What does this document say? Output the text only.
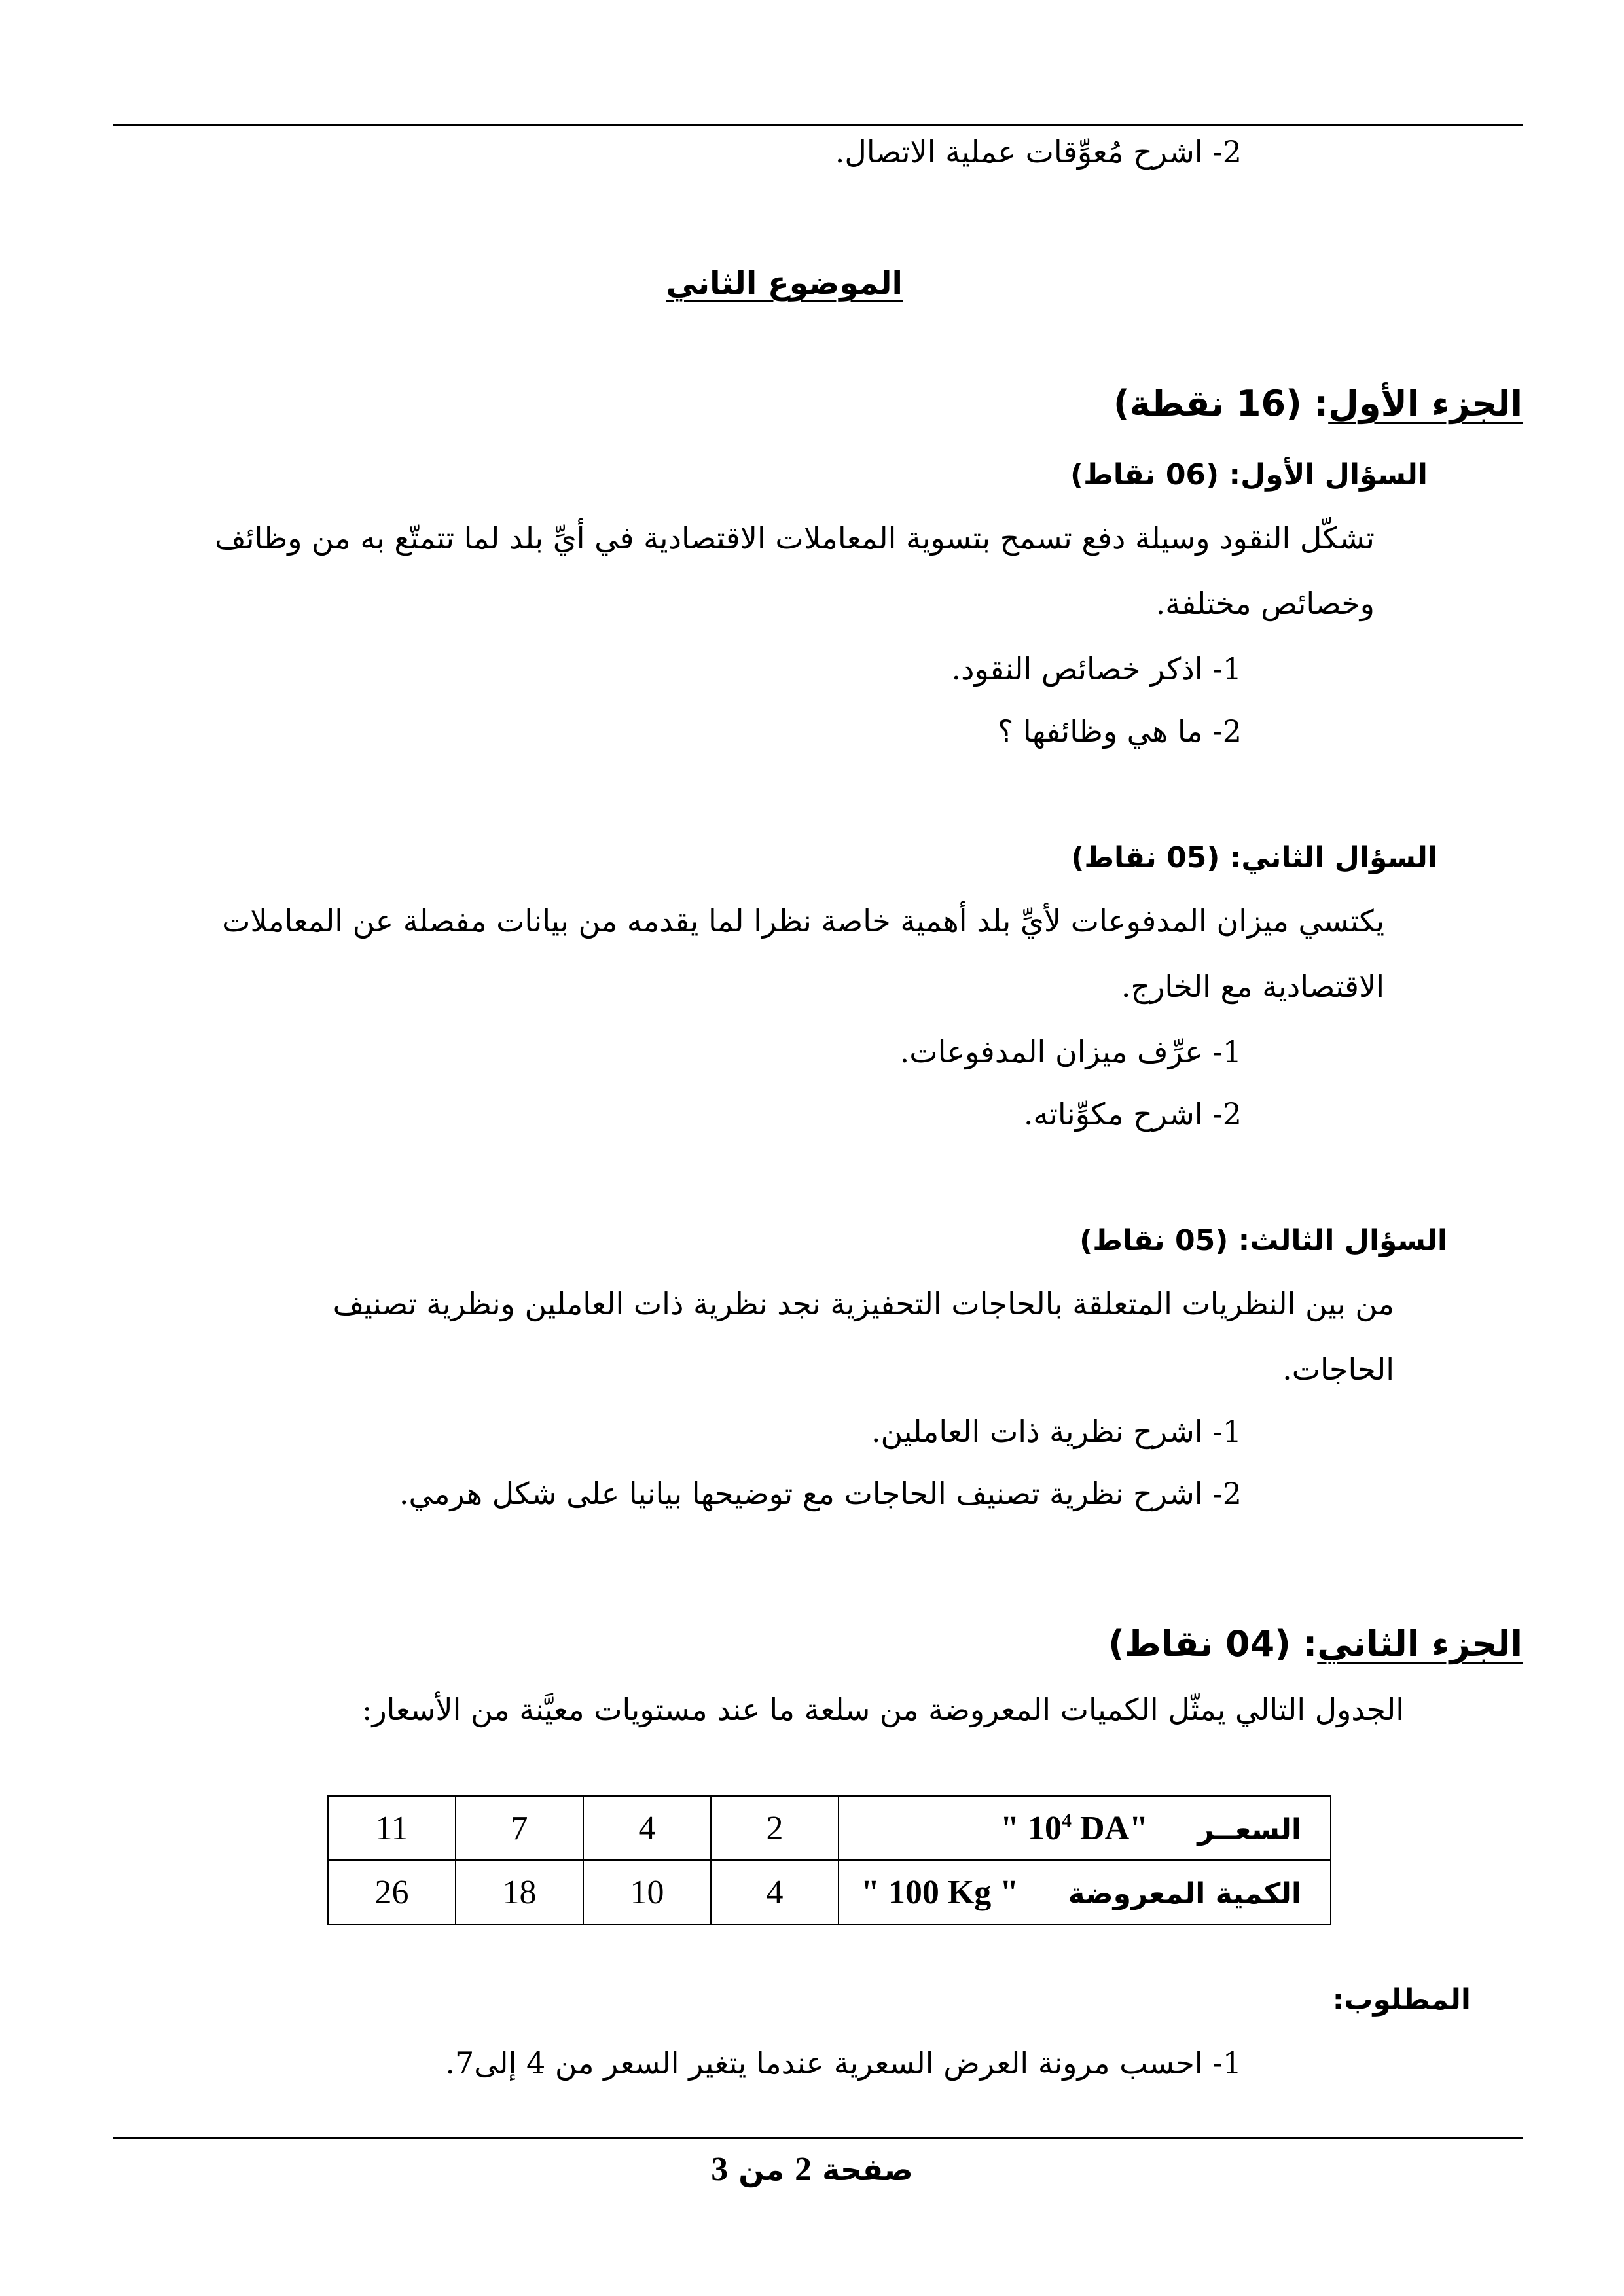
2- اشرح مُعوِّقات عملية الاتصال.
الموضوع الثاني
الجزء الأول: (16 نقطة)
السؤال الأول: (06 نقاط)
تشكّل النقود وسيلة دفع تسمح بتسوية المعاملات الاقتصادية في أيِّ بلد لما تتمتّع به من وظائف
وخصائص مختلفة.
1- اذكر خصائص النقود.
2- ما هي وظائفها ؟
السؤال الثاني: (05 نقاط)
يكتسي ميزان المدفوعات لأيِّ بلد أهمية خاصة نظرا لما يقدمه من بيانات مفصلة عن المعاملات
الاقتصادية مع الخارج.
1- عرِّف ميزان المدفوعات.
2- اشرح مكوِّناته.
السؤال الثالث: (05 نقاط)
من بين النظريات المتعلقة بالحاجات التحفيزية نجد نظرية ذات العاملين ونظرية تصنيف
الحاجات.
1- اشرح نظرية ذات العاملين.
2- اشرح نظرية تصنيف الحاجات مع توضيحها بيانيا على شكل هرمي.
الجزء الثاني: (04 نقاط)
الجدول التالي يمثّل الكميات المعروضة من سلعة ما عند مستويات معيَّنة من الأسعار:
11	7	4	2	السعــر " $10^4$ DA"
26	18	10	4	الكمية المعروضة " 100 Kg "
المطلوب:
1- احسب مرونة العرض السعرية عندما يتغير السعر من 4 إلى7.
صفحة 2 من 3
